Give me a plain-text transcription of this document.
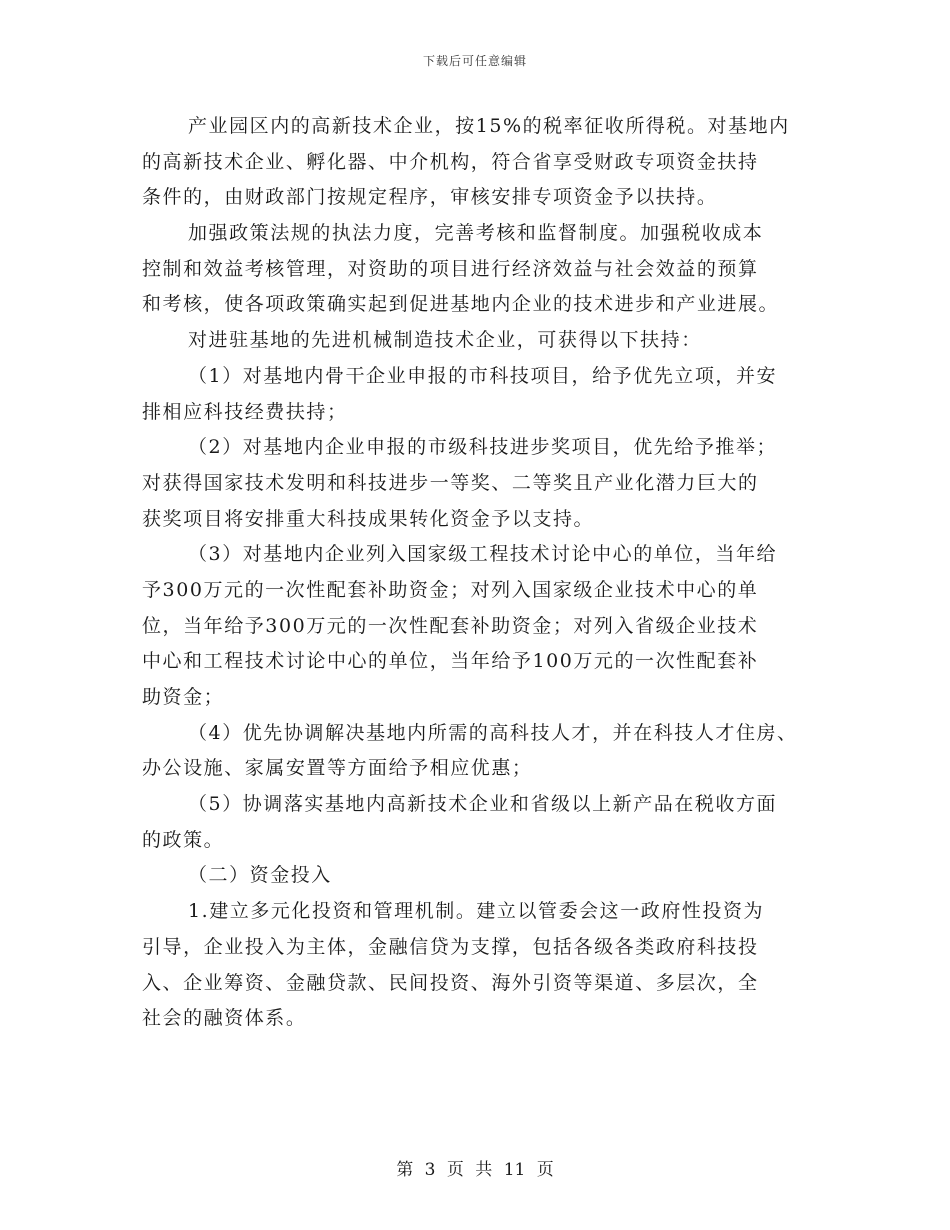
下载后可任意编辑
产业园区内的高新技术企业，按15%的税率征收所得税。对基地内
的高新技术企业、孵化器、中介机构，符合省享受财政专项资金扶持
条件的，由财政部门按规定程序，审核安排专项资金予以扶持。
加强政策法规的执法力度，完善考核和监督制度。加强税收成本
控制和效益考核管理，对资助的项目进行经济效益与社会效益的预算
和考核，使各项政策确实起到促进基地内企业的技术进步和产业进展。
对进驻基地的先进机械制造技术企业，可获得以下扶持：
（1）对基地内骨干企业申报的市科技项目，给予优先立项，并安
排相应科技经费扶持；
（2）对基地内企业申报的市级科技进步奖项目，优先给予推举；
对获得国家技术发明和科技进步一等奖、二等奖且产业化潜力巨大的
获奖项目将安排重大科技成果转化资金予以支持。
（3）对基地内企业列入国家级工程技术讨论中心的单位，当年给
予300万元的一次性配套补助资金；对列入国家级企业技术中心的单
位，当年给予300万元的一次性配套补助资金；对列入省级企业技术
中心和工程技术讨论中心的单位，当年给予100万元的一次性配套补
助资金；
（4）优先协调解决基地内所需的高科技人才，并在科技人才住房、
办公设施、家属安置等方面给予相应优惠；
（5）协调落实基地内高新技术企业和省级以上新产品在税收方面
的政策。
（二）资金投入
1.建立多元化投资和管理机制。建立以管委会这一政府性投资为
引导，企业投入为主体，金融信贷为支撑，包括各级各类政府科技投
入、企业筹资、金融贷款、民间投资、海外引资等渠道、多层次，全
社会的融资体系。
第 3 页 共 11 页
